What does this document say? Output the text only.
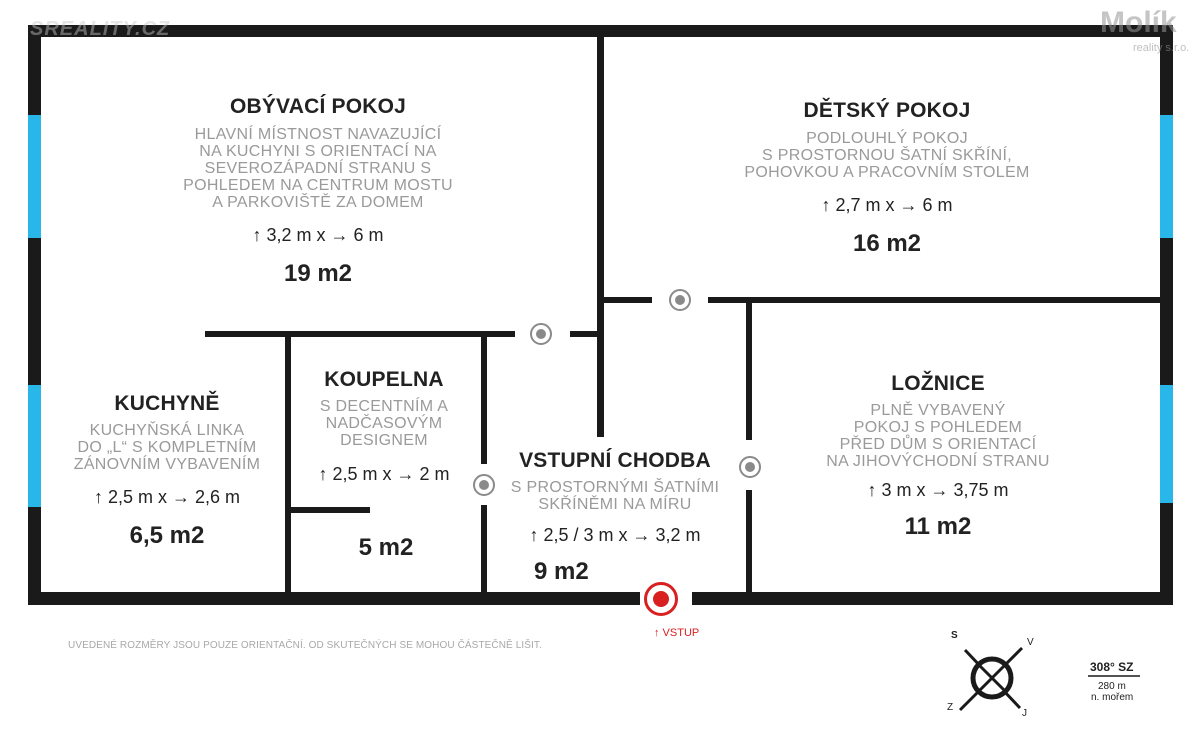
SREALITY.CZ	Molík
reality s.r.o.
OBÝVACÍ POKOJ
HLAVNÍ MÍSTNOST NAVAZUJÍCÍ
NA KUCHYNI S ORIENTACÍ NA
SEVEROZÁPADNÍ STRANU S
POHLEDEM NA CENTRUM MOSTU
A PARKOVIŠTĚ ZA DOMEM
↑ 3,2 m x → 6 m
19 m2
DĚTSKÝ POKOJ
PODLOUHLÝ POKOJ
S PROSTORNOU ŠATNÍ SKŘÍNÍ,
POHOVKOU A PRACOVNÍM STOLEM
↑ 2,7 m x → 6 m
16 m2
KUCHYNĚ
KUCHYŇSKÁ LINKA
DO „L“ S KOMPLETNÍM
ZÁNOVNÍM VYBAVENÍM
↑ 2,5 m x → 2,6 m
6,5 m2
KOUPELNA
S DECENTNÍM A
NADČASOVÝM
DESIGNEM
↑ 2,5 m x → 2 m
5 m2
VSTUPNÍ CHODBA
S PROSTORNÝMI ŠATNÍMI
SKŘÍNĚMI NA MÍRU
↑ 2,5 / 3 m x → 3,2 m
9 m2
LOŽNICE
PLNĚ VYBAVENÝ
POKOJ S POHLEDEM
PŘED DŮM S ORIENTACÍ
NA JIHOVÝCHODNÍ STRANU
↑ 3 m x → 3,75 m
11 m2
↑ VSTUP
UVEDENÉ ROZMĚRY JSOU POUZE ORIENTAČNÍ. OD SKUTEČNÝCH SE MOHOU ČÁSTEČNĚ LIŠIT.
S
V
Z
J
308° SZ
280 m
n. mořem
